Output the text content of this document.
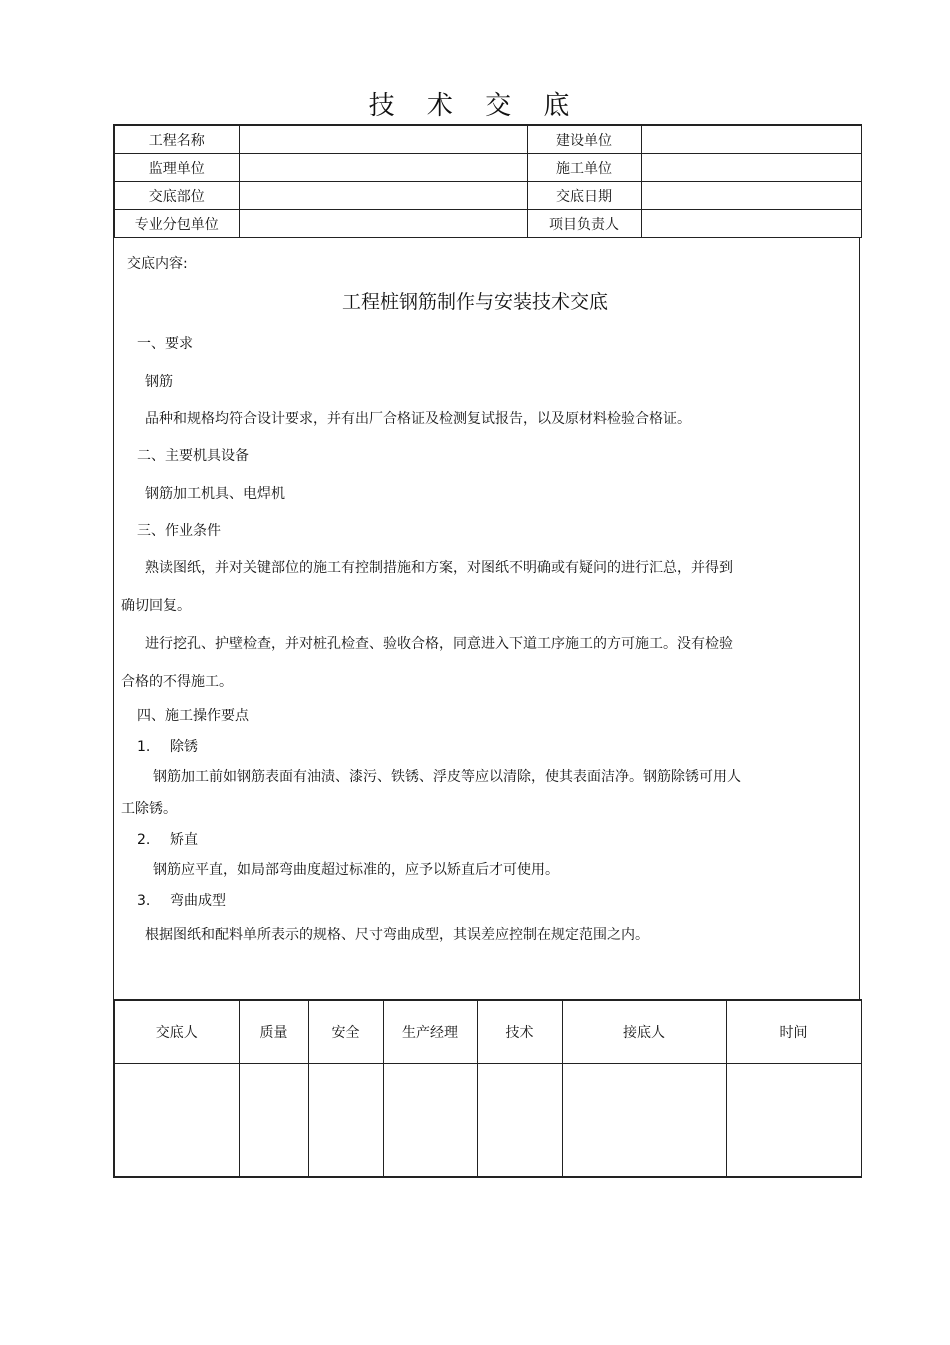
技 术 交 底
工程名称		建设单位	
监理单位		施工单位	
交底部位		交底日期	
专业分包单位		项目负责人	
交底内容:
工程桩钢筋制作与安装技术交底
一、要求
钢筋
品种和规格均符合设计要求，并有出厂合格证及检测复试报告，以及原材料检验合格证。
二、主要机具设备
钢筋加工机具、电焊机
三、作业条件
熟读图纸，并对关键部位的施工有控制措施和方案，对图纸不明确或有疑问的进行汇总，并得到
确切回复。
进行挖孔、护壁检查，并对桩孔检查、验收合格，同意进入下道工序施工的方可施工。没有检验
合格的不得施工。
四、施工操作要点
1. 除锈
钢筋加工前如钢筋表面有油渍、漆污、铁锈、浮皮等应以清除，使其表面洁净。钢筋除锈可用人
工除锈。
2. 矫直
钢筋应平直，如局部弯曲度超过标准的，应予以矫直后才可使用。
3. 弯曲成型
根据图纸和配料单所表示的规格、尺寸弯曲成型，其误差应控制在规定范围之内。
交底人	质量	安全	生产经理	技术	接底人	时间
